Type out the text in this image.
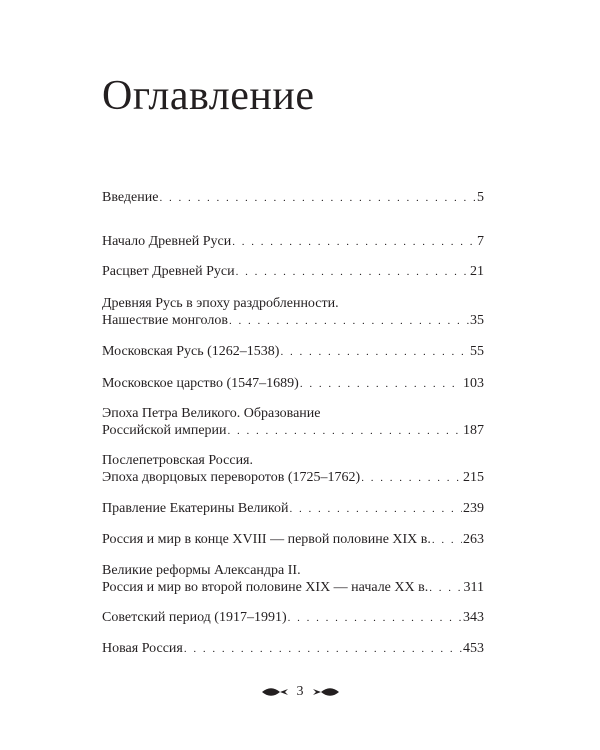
Оглавление
Введение . . .	5
Начало Древней Руси . . .	7
Расцвет Древней Руси . . .	21
Древняя Русь в эпоху раздробленности.
Нашествие монголов . . .	35
Московская Русь (1262–1538) . . .	55
Московское царство (1547–1689) . . .	103
Эпоха Петра Великого. Образование
Российской империи . . .	187
Послепетровская Россия.
Эпоха дворцовых переворотов (1725–1762) . . .	215
Правление Екатерины Великой . . .	239
Россия и мир в конце XVIII — первой половине XIX в. . . . 263
Великие реформы Александра II.
Россия и мир во второй половине XIX — начале XX в. . . .	311
Советский период (1917–1991) . . .	343
Новая Россия . . .	453
3
